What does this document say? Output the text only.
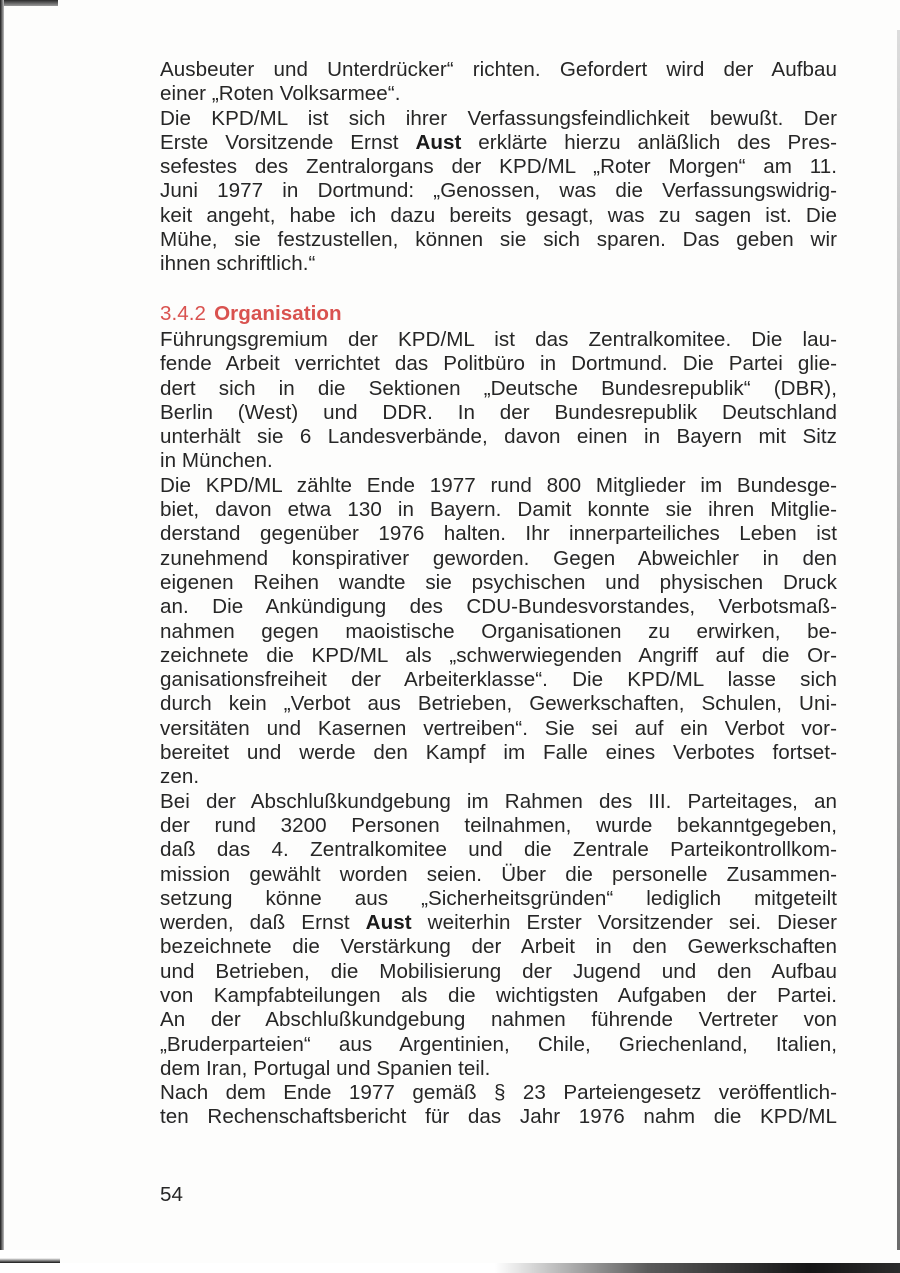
Ausbeuter und Unterdrücker“ richten. Gefordert wird der Aufbau
einer „Roten Volksarmee“.
Die KPD/ML ist sich ihrer Verfassungsfeindlichkeit bewußt. Der
Erste Vorsitzende Ernst Aust erklärte hierzu anläßlich des Pres-
sefestes des Zentralorgans der KPD/ML „Roter Morgen“ am 11.
Juni 1977 in Dortmund: „Genossen, was die Verfassungswidrig-
keit angeht, habe ich dazu bereits gesagt, was zu sagen ist. Die
Mühe, sie festzustellen, können sie sich sparen. Das geben wir
ihnen schriftlich.“
3.4.2 Organisation
Führungsgremium der KPD/ML ist das Zentralkomitee. Die lau-
fende Arbeit verrichtet das Politbüro in Dortmund. Die Partei glie-
dert sich in die Sektionen „Deutsche Bundesrepublik“ (DBR),
Berlin (West) und DDR. In der Bundesrepublik Deutschland
unterhält sie 6 Landesverbände, davon einen in Bayern mit Sitz
in München.
Die KPD/ML zählte Ende 1977 rund 800 Mitglieder im Bundesge-
biet, davon etwa 130 in Bayern. Damit konnte sie ihren Mitglie-
derstand gegenüber 1976 halten. Ihr innerparteiliches Leben ist
zunehmend konspirativer geworden. Gegen Abweichler in den
eigenen Reihen wandte sie psychischen und physischen Druck
an. Die Ankündigung des CDU-Bundesvorstandes, Verbotsmaß-
nahmen gegen maoistische Organisationen zu erwirken, be-
zeichnete die KPD/ML als „schwerwiegenden Angriff auf die Or-
ganisationsfreiheit der Arbeiterklasse“. Die KPD/ML lasse sich
durch kein „Verbot aus Betrieben, Gewerkschaften, Schulen, Uni-
versitäten und Kasernen vertreiben“. Sie sei auf ein Verbot vor-
bereitet und werde den Kampf im Falle eines Verbotes fortset-
zen.
Bei der Abschlußkundgebung im Rahmen des III. Parteitages, an
der rund 3200 Personen teilnahmen, wurde bekanntgegeben,
daß das 4. Zentralkomitee und die Zentrale Parteikontrollkom-
mission gewählt worden seien. Über die personelle Zusammen-
setzung könne aus „Sicherheitsgründen“ lediglich mitgeteilt
werden, daß Ernst Aust weiterhin Erster Vorsitzender sei. Dieser
bezeichnete die Verstärkung der Arbeit in den Gewerkschaften
und Betrieben, die Mobilisierung der Jugend und den Aufbau
von Kampfabteilungen als die wichtigsten Aufgaben der Partei.
An der Abschlußkundgebung nahmen führende Vertreter von
„Bruderparteien“ aus Argentinien, Chile, Griechenland, Italien,
dem Iran, Portugal und Spanien teil.
Nach dem Ende 1977 gemäß § 23 Parteiengesetz veröffentlich-
ten Rechenschaftsbericht für das Jahr 1976 nahm die KPD/ML
54
